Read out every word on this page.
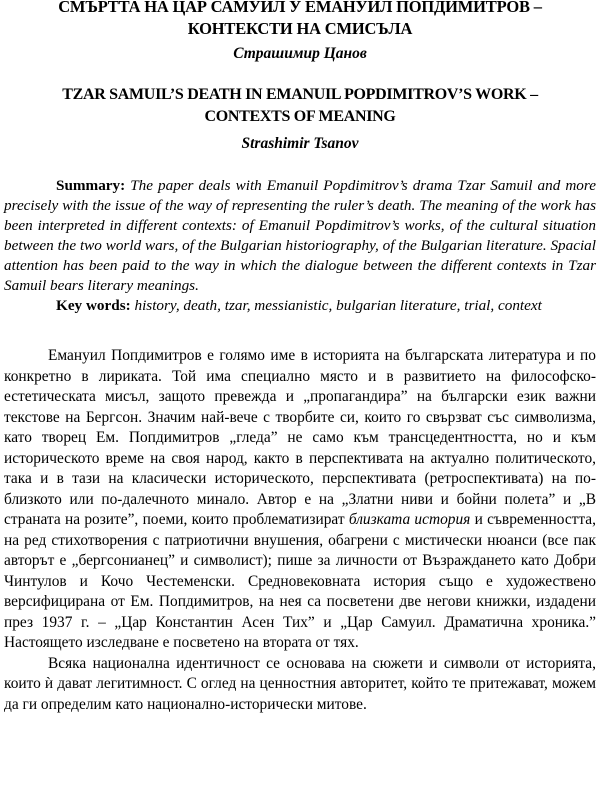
СМЪРТТА НА ЦАР САМУИЛ У ЕМАНУИЛ ПОПДИМИТРОВ –
КОНТЕКСТИ НА СМИСЪЛА
Страшимир Цанов
TZAR SAMUIL’S DEATH IN EMANUIL POPDIMITROV’S WORK –
CONTEXTS OF MEANING
Strashimir Tsanov

Summary: The paper deals with Emanuil Popdimitrov’s drama Tzar Samuil and more precisely with the issue of the way of representing the ruler’s death. The meaning of the work has been interpreted in different contexts: of Emanuil Popdimitrov’s works, of the cultural situation between the two world wars, of the Bulgarian historiography, of the Bulgarian literature. Spacial attention has been paid to the way in which the dialogue between the different contexts in Tzar Samuil bears literary meanings.

Key words: history, death, tzar, messianistic, bulgarian literature, trial, context

Емануил Попдимитров е голямо име в историята на българската литература и по конкретно в лириката. Той има специално място и в развитието на философско-естетическата мисъл, защото превежда и „пропагандира” на български език важни текстове на Бергсон. Значим най-вече с творбите си, които го свързват със символизма, като творец Ем. Попдимитров „гледа” не само към трансцедентността, но и към историческото време на своя народ, както в перспективата на актуално политическото, така и в тази на класически историческото, перспективата (ретроспективата) на по-близкото или по-далечното минало. Автор е на „Златни ниви и бойни полета” и „В страната на розите”, поеми, които проблематизират близката история и съвременността, на ред стихотворения с патриотични внушения, обагрени с мистически нюанси (все пак авторът е „бергсонианец” и символист); пише за личности от Възраждането като Добри Чинтулов и Кочо Честеменски. Средновековната история също е художествено версифицирана от Ем. Попдимитров, на нея са посветени две негови книжки, издадени през 1937 г. – „Цар Константин Асен Тих” и „Цар Самуил. Драматична хроника.” Настоящето изследване е посветено на втората от тях.

Всяка национална идентичност се основава на сюжети и символи от историята, които ѝ дават легитимност. С оглед на ценностния авторитет, който те притежават, можем да ги определим като национално-исторически митове.
